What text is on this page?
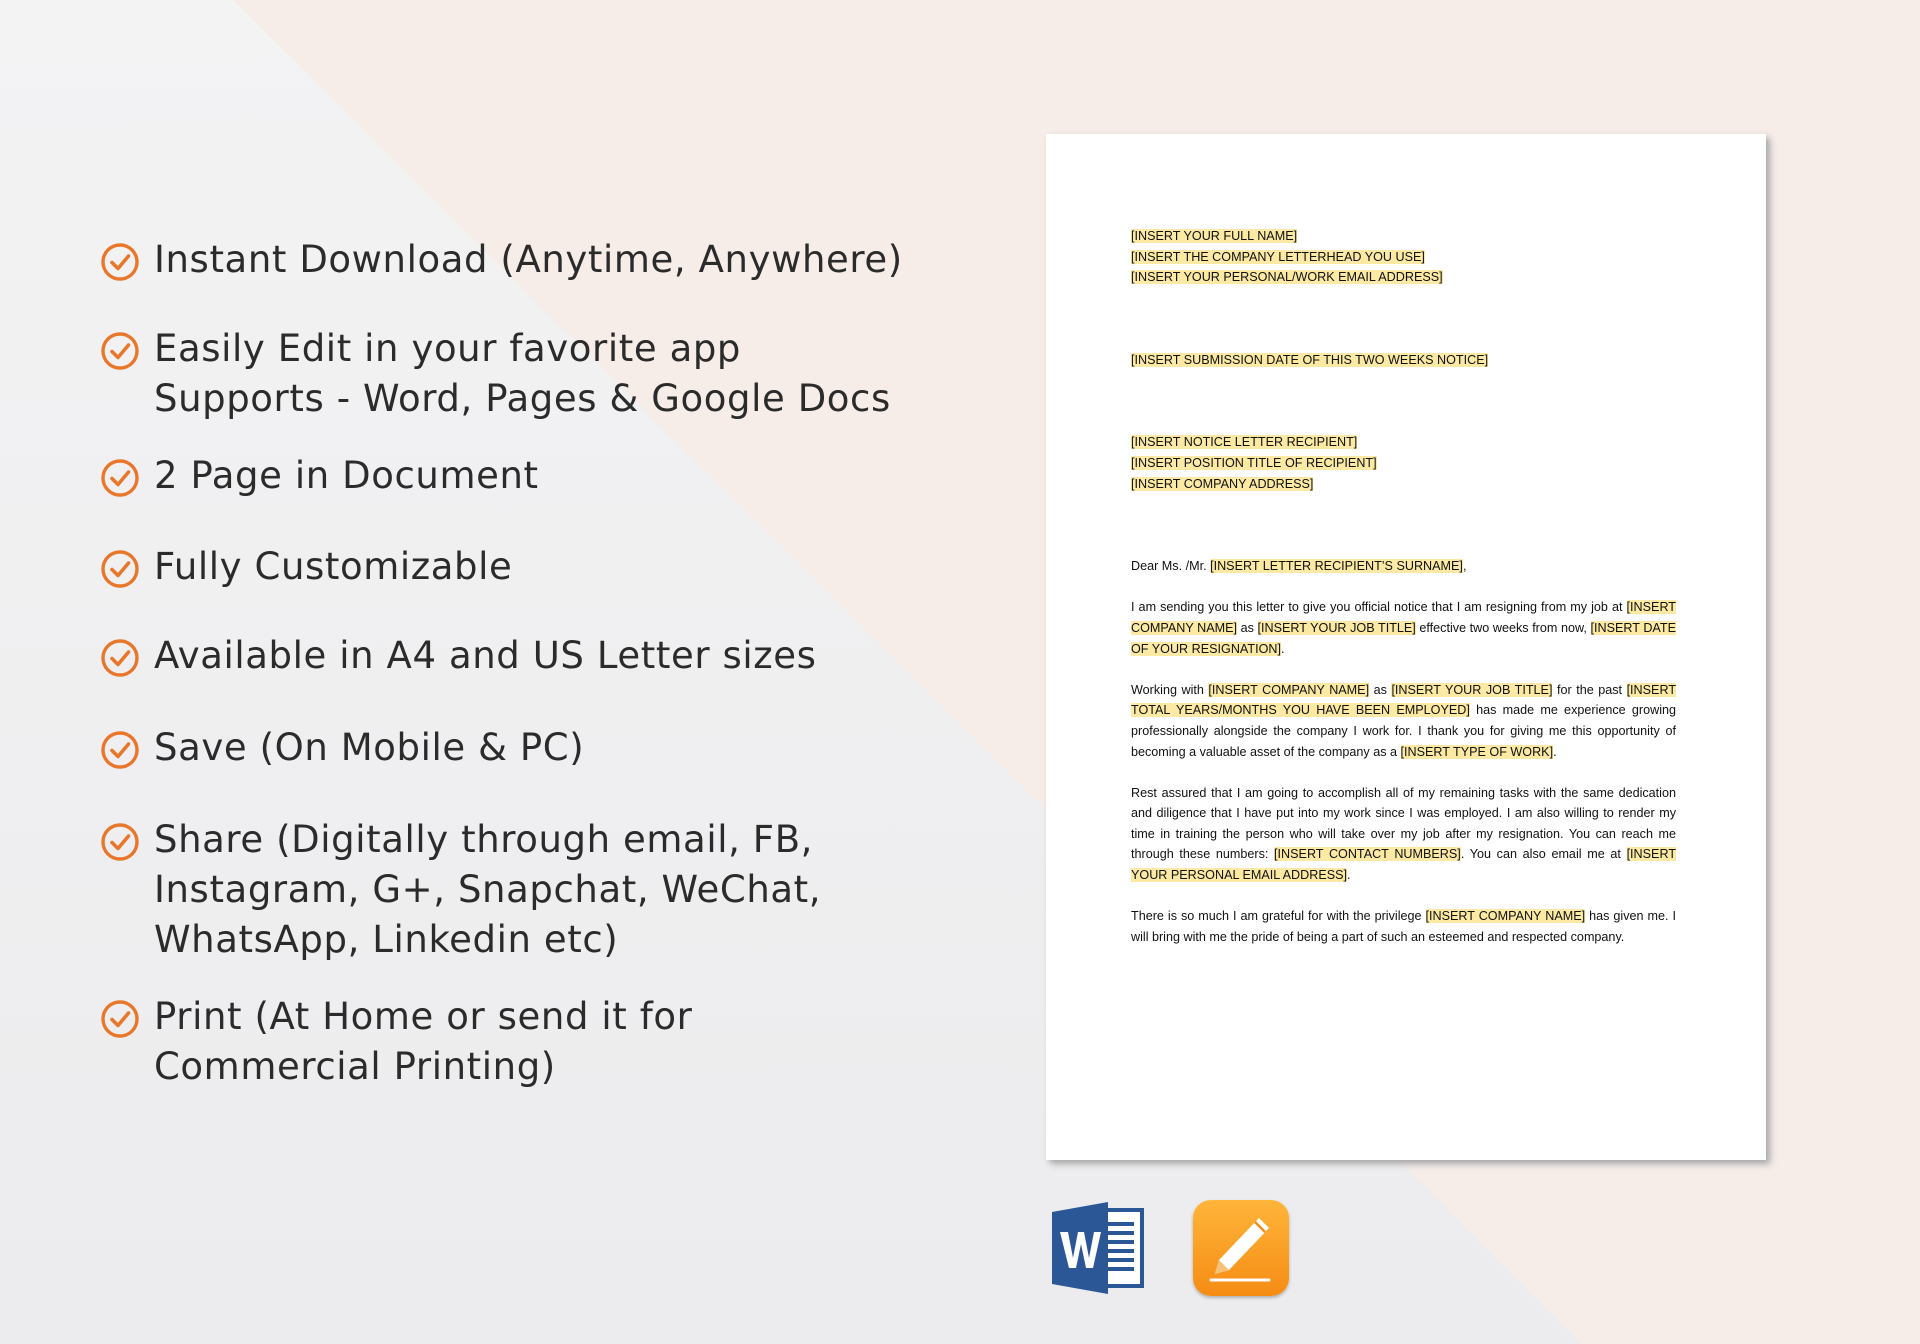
Instant Download (Anytime, Anywhere)
Easily Edit in your favorite app
Supports - Word, Pages & Google Docs
2 Page in Document
Fully Customizable
Available in A4 and US Letter sizes
Save (On Mobile & PC)
Share (Digitally through email, FB,
Instagram, G+, Snapchat, WeChat,
WhatsApp, Linkedin etc)
Print (At Home or send it for
Commercial Printing)
[INSERT YOUR FULL NAME]
[INSERT THE COMPANY LETTERHEAD YOU USE]
[INSERT YOUR PERSONAL/WORK EMAIL ADDRESS]
[INSERT SUBMISSION DATE OF THIS TWO WEEKS NOTICE]
[INSERT NOTICE LETTER RECIPIENT]
[INSERT POSITION TITLE OF RECIPIENT]
[INSERT COMPANY ADDRESS]
Dear Ms. /Mr. [INSERT LETTER RECIPIENT’S SURNAME],

I am sending you this letter to give you official notice that I am resigning from my job at [INSERT COMPANY NAME] as [INSERT YOUR JOB TITLE] effective two weeks from now, [INSERT DATE OF YOUR RESIGNATION].

Working with [INSERT COMPANY NAME] as [INSERT YOUR JOB TITLE] for the past [INSERT TOTAL YEARS/MONTHS YOU HAVE BEEN EMPLOYED] has made me experience growing professionally alongside the company I work for. I thank you for giving me this opportunity of becoming a valuable asset of the company as a [INSERT TYPE OF WORK].

Rest assured that I am going to accomplish all of my remaining tasks with the same dedication and diligence that I have put into my work since I was employed. I am also willing to render my time in training the person who will take over my job after my resignation. You can reach me through these numbers: [INSERT CONTACT NUMBERS]. You can also email me at [INSERT YOUR PERSONAL EMAIL ADDRESS].

There is so much I am grateful for with the privilege [INSERT COMPANY NAME] has given me. I will bring with me the pride of being a part of such an esteemed and respected company.
